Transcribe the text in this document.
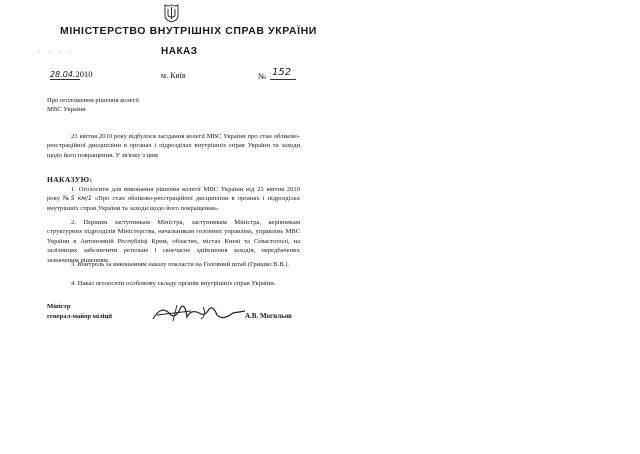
МІНІСТЕРСТВО ВНУТРІШНІХ СПРАВ УКРАЇНИ
· · · ·	НАКАЗ
28.04.2010	м. Київ	№ 152
Про оголошення рішення колегії МВС України
23 квітня 2010 року відбулося засідання колегії МВС України про стан обліково-реєстраційної дисципліни в органах і підрозділах внутрішніх справ України та заходи щодо його покращення. У зв'язку з цим
НАКАЗУЮ:
1. Оголосити для виконання рішення колегії МВС України від 23 квітня 2010 року №5 км/1 «Про стан обліково-реєстраційної дисципліни в органах і підрозділах внутрішніх справ України та заходи щодо його покращення».
2. Першим заступникам Міністра, заступникам Міністра, керівникам структурних підрозділів Міністерства, начальникам головних управлінь, управлінь МВС України в Автономній Республіці Крим, областях, містах Києві та Севастополі, на залізницях забезпечити ретельне і своєчасне здійснення заходів, передбачених зазначеним рішенням.
3. Контроль за виконанням наказу покласти на Головний штаб (Гришко В.В.).
4. Наказ оголосити особовому складу органів внутрішніх справ України.
Міністр
генерал-майор міліції	А.В. Могильов
